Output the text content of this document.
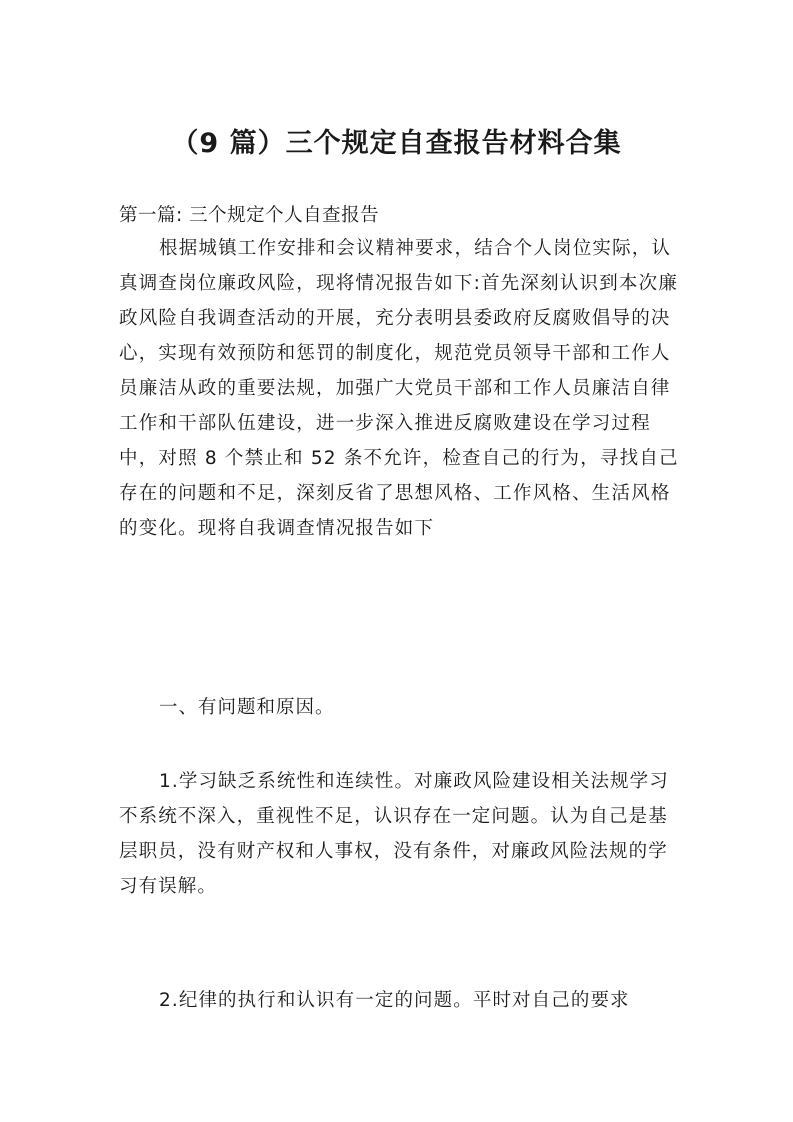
（9 篇）三个规定自查报告材料合集

第一篇: 三个规定个人自查报告

根据城镇工作安排和会议精神要求，结合个人岗位实际，认真调查岗位廉政风险，现将情况报告如下:首先深刻认识到本次廉政风险自我调查活动的开展，充分表明县委政府反腐败倡导的决心，实现有效预防和惩罚的制度化，规范党员领导干部和工作人员廉洁从政的重要法规，加强广大党员干部和工作人员廉洁自律工作和干部队伍建设，进一步深入推进反腐败建设在学习过程中，对照 8 个禁止和 52 条不允许，检查自己的行为，寻找自己存在的问题和不足，深刻反省了思想风格、工作风格、生活风格的变化。现将自我调查情况报告如下

一、有问题和原因。

1.学习缺乏系统性和连续性。对廉政风险建设相关法规学习不系统不深入，重视性不足，认识存在一定问题。认为自己是基层职员，没有财产权和人事权，没有条件，对廉政风险法规的学习有误解。

2.纪律的执行和认识有一定的问题。平时对自己的要求
